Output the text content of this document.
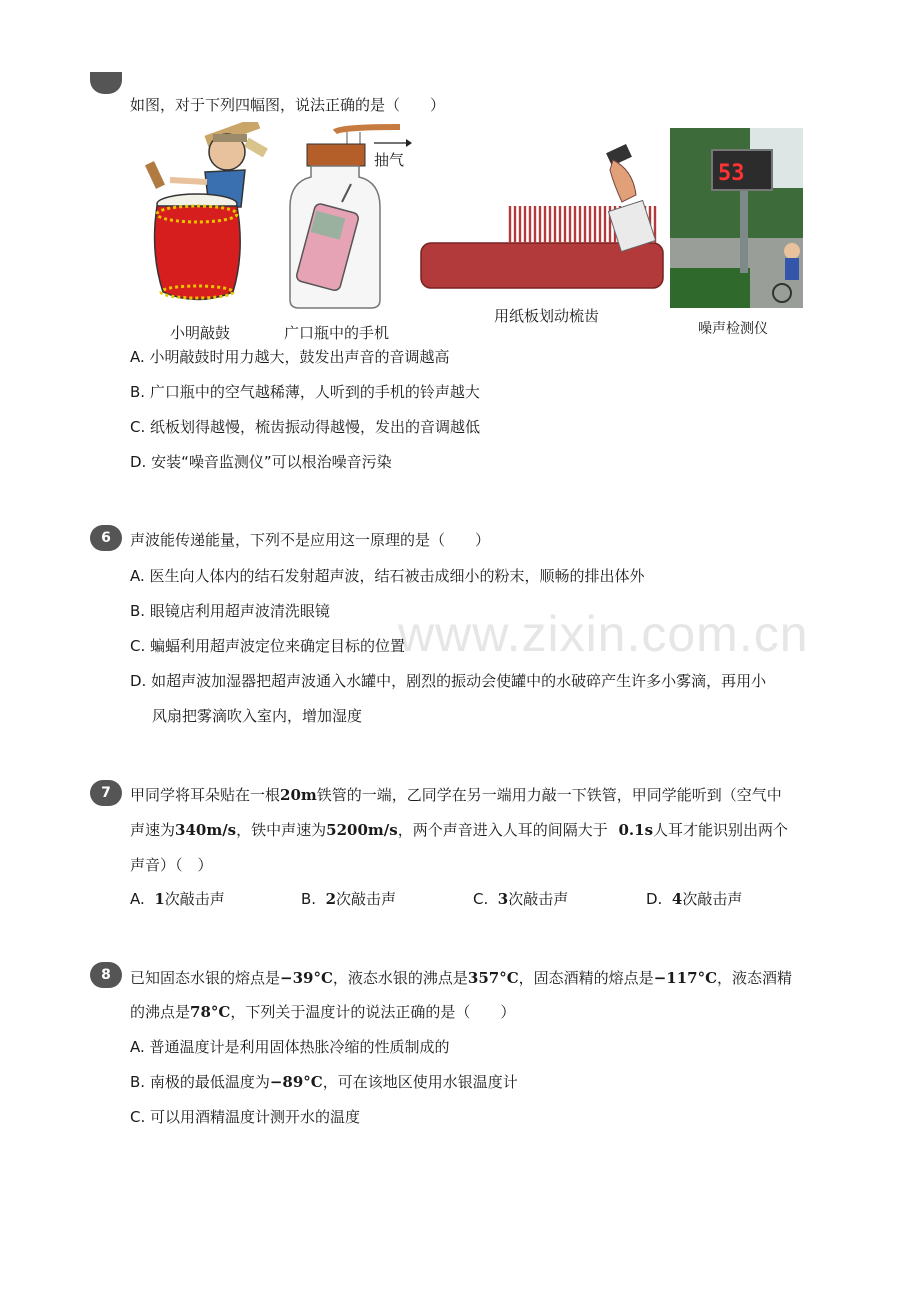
www.zixin.com.cn
如图，对于下列四幅图，说法正确的是（　　）
小明敲鼓
抽气
广口瓶中的手机
用纸板划动梳齿
53
噪声检测仪
A. 小明敲鼓时用力越大，鼓发出声音的音调越高
B. 广口瓶中的空气越稀薄，人听到的手机的铃声越大
C. 纸板划得越慢，梳齿振动得越慢，发出的音调越低
D. 安装“噪音监测仪”可以根治噪音污染
6	声波能传递能量，下列不是应用这一原理的是（　　）
A. 医生向人体内的结石发射超声波，结石被击成细小的粉末，顺畅的排出体外
B. 眼镜店利用超声波清洗眼镜
C. 蝙蝠利用超声波定位来确定目标的位置
D. 如超声波加湿器把超声波通入水罐中，剧烈的振动会使罐中的水破碎产生许多小雾滴，再用小
风扇把雾滴吹入室内，增加湿度
7	甲同学将耳朵贴在一根20m铁管的一端，乙同学在另一端用力敲一下铁管，甲同学能听到（空气中
声速为340m/s，铁中声速为5200m/s，两个声音进入人耳的间隔大于 0.1s人耳才能识别出两个
声音）（　）
A. 1次敲击声	B. 2次敲击声	C. 3次敲击声	D. 4次敲击声
8	已知固态水银的熔点是−39°C，液态水银的沸点是357°C，固态酒精的熔点是−117°C，液态酒精
的沸点是78°C，下列关于温度计的说法正确的是（　　）
A. 普通温度计是利用固体热胀冷缩的性质制成的
B. 南极的最低温度为−89°C，可在该地区使用水银温度计
C. 可以用酒精温度计测开水的温度
